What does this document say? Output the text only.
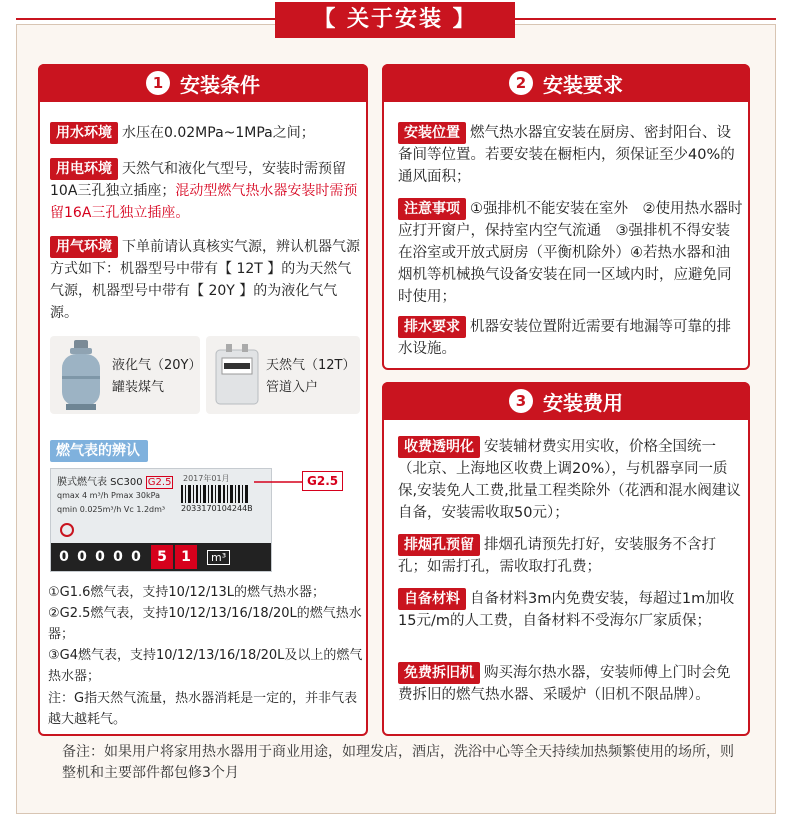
【 关于安装 】
1 安装条件
用水环境 水压在0.02MPa~1MPa之间；
用电环境 天然气和液化气型号，安装时需预留10A三孔独立插座；混动型燃气热水器安装时需预留16A三孔独立插座。
用气环境 下单前请认真核实气源，辨认机器气源方式如下：机器型号中带有【 12T 】的为天然气气源，机器型号中带有【 20Y 】的为液化气气源。
液化气（20Y）
罐装煤气
天然气（12T）
管道入户
燃气表的辨认
膜式燃气表 SC300 G2.5 2017年01月
qmax 4 m³/h Pmax 30kPa
qmin 0.025m³/h Vc 1.2dm³ 2033170104244B
0 0 0 0 0	5	1	m³
G2.5
①G1.6燃气表，支持10/12/13L的燃气热水器；
②G2.5燃气表，支持10/12/13/16/18/20L的燃气热水器；
③G4燃气表，支持10/12/13/16/18/20L及以上的燃气热水器；
注：G指天然气流量，热水器消耗是一定的，并非气表越大越耗气。
2 安装要求
安装位置 燃气热水器宜安装在厨房、密封阳台、设备间等位置。若要安装在橱柜内，须保证至少40%的通风面积；
注意事项 ①强排机不能安装在室外　②使用热水器时应打开窗户，保持室内空气流通　③强排机不得安装在浴室或开放式厨房（平衡机除外）④若热水器和油烟机等机械换气设备安装在同一区域内时，应避免同时使用；
排水要求 机器安装位置附近需要有地漏等可靠的排水设施。
3 安装费用
收费透明化 安装辅材费实用实收，价格全国统一（北京、上海地区收费上调20%），与机器享同一质保,安装免人工费,批量工程类除外（花洒和混水阀建议自备，安装需收取50元）；
排烟孔预留 排烟孔请预先打好，安装服务不含打孔；如需打孔，需收取打孔费；
自备材料 自备材料3m内免费安装，每超过1m加收15元/m的人工费，自备材料不受海尔厂家质保；
免费拆旧机 购买海尔热水器，安装师傅上门时会免费拆旧的燃气热水器、采暖炉（旧机不限品牌）。
备注：如果用户将家用热水器用于商业用途，如理发店，酒店，洗浴中心等全天持续加热频繁使用的场所，则整机和主要部件都包修3个月
